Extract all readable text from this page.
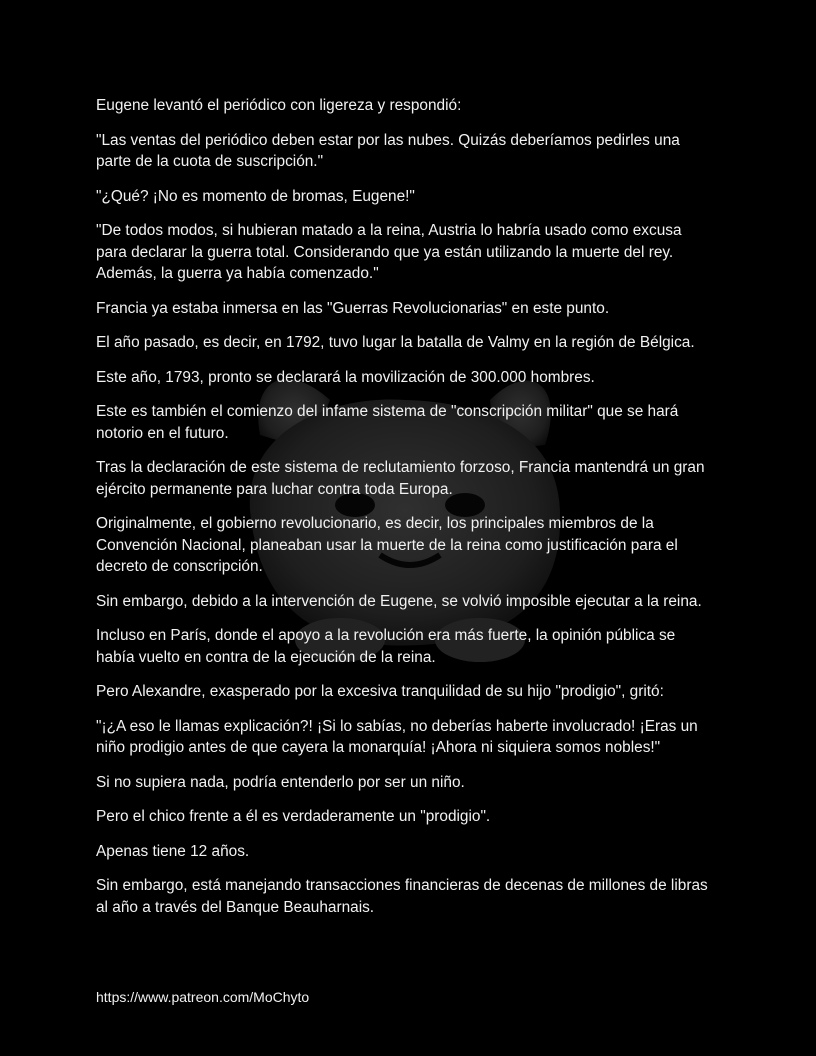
Eugene levantó el periódico con ligereza y respondió:

"Las ventas del periódico deben estar por las nubes. Quizás deberíamos pedirles una parte de la cuota de suscripción."

"¿Qué? ¡No es momento de bromas, Eugene!"

"De todos modos, si hubieran matado a la reina, Austria lo habría usado como excusa para declarar la guerra total. Considerando que ya están utilizando la muerte del rey. Además, la guerra ya había comenzado."

Francia ya estaba inmersa en las "Guerras Revolucionarias" en este punto.

El año pasado, es decir, en 1792, tuvo lugar la batalla de Valmy en la región de Bélgica.

Este año, 1793, pronto se declarará la movilización de 300.000 hombres.

Este es también el comienzo del infame sistema de "conscripción militar" que se hará notorio en el futuro.

Tras la declaración de este sistema de reclutamiento forzoso, Francia mantendrá un gran ejército permanente para luchar contra toda Europa.

Originalmente, el gobierno revolucionario, es decir, los principales miembros de la Convención Nacional, planeaban usar la muerte de la reina como justificación para el decreto de conscripción.

Sin embargo, debido a la intervención de Eugene, se volvió imposible ejecutar a la reina.

Incluso en París, donde el apoyo a la revolución era más fuerte, la opinión pública se había vuelto en contra de la ejecución de la reina.

Pero Alexandre, exasperado por la excesiva tranquilidad de su hijo "prodigio", gritó:

"¡¿A eso le llamas explicación?! ¡Si lo sabías, no deberías haberte involucrado! ¡Eras un niño prodigio antes de que cayera la monarquía! ¡Ahora ni siquiera somos nobles!"

Si no supiera nada, podría entenderlo por ser un niño.

Pero el chico frente a él es verdaderamente un "prodigio".

Apenas tiene 12 años.

Sin embargo, está manejando transacciones financieras de decenas de millones de libras al año a través del Banque Beauharnais.

https://www.patreon.com/MoChyto
